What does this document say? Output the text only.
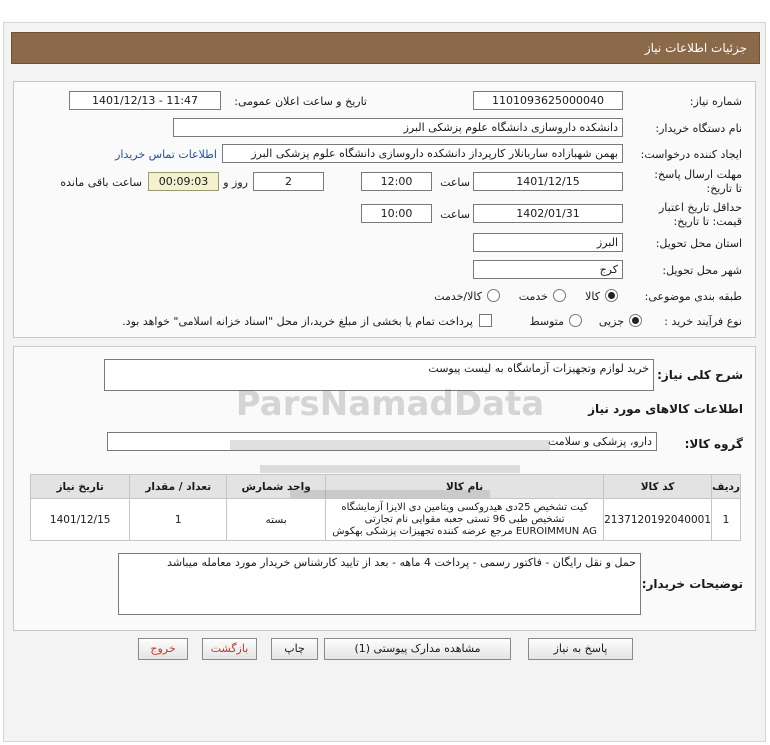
جزئیات اطلاعات نیاز
شماره نیاز:
1101093625000040
تاریخ و ساعت اعلان عمومی:
1401/12/13 - 11:47
نام دستگاه خریدار:
دانشکده داروسازی دانشگاه علوم پزشکی البرز
ایجاد کننده درخواست:
بهمن شهبازاده ساربانلار کارپرداز دانشکده داروسازی دانشگاه علوم پزشکی البرز
اطلاعات تماس خریدار
مهلت ارسال پاسخ: تا تاریخ:
1401/12/15
ساعت
12:00
2
روز و
00:09:03
ساعت باقی مانده
حداقل تاریخ اعتبار قیمت: تا تاریخ:
1402/01/31
ساعت
10:00
استان محل تحویل:
البرز
شهر محل تحویل:
کرج
طبقه بندی موضوعی:
کالا
خدمت
کالا/خدمت
نوع فرآیند خرید :
جزیی
متوسط
پرداخت تمام یا بخشی از مبلغ خرید،از محل "اسناد خزانه اسلامی" خواهد بود.
شرح کلی نیاز:
خرید لوازم وتجهیزات آزماشگاه به لیست پیوست
اطلاعات کالاهای مورد نیاز
گروه کالا:
دارو، پزشکی و سلامت
ردیف	کد کالا	نام کالا	واحد شمارش	تعداد / مقدار	تاریخ نیاز
1	2137120192040001	کیت تشخیص 25دی هیدروکسی ویتامین دی الایزا آزمایشگاه
تشخیص طبی 96 تستی جعبه مقوایی نام تجارتی
EUROIMMUN AG مرجع عرضه کننده تجهیزات پزشکی بهکوش	بسته	1	1401/12/15
توضیحات خریدار:
حمل و نقل رایگان - فاکتور رسمی - پرداخت 4 ماهه - بعد از تایید کارشناس خریدار مورد معامله میباشد
پاسخ به نیاز
مشاهده مدارک پیوستی (1)
چاپ
بازگشت
خروج
ParsNamadData
